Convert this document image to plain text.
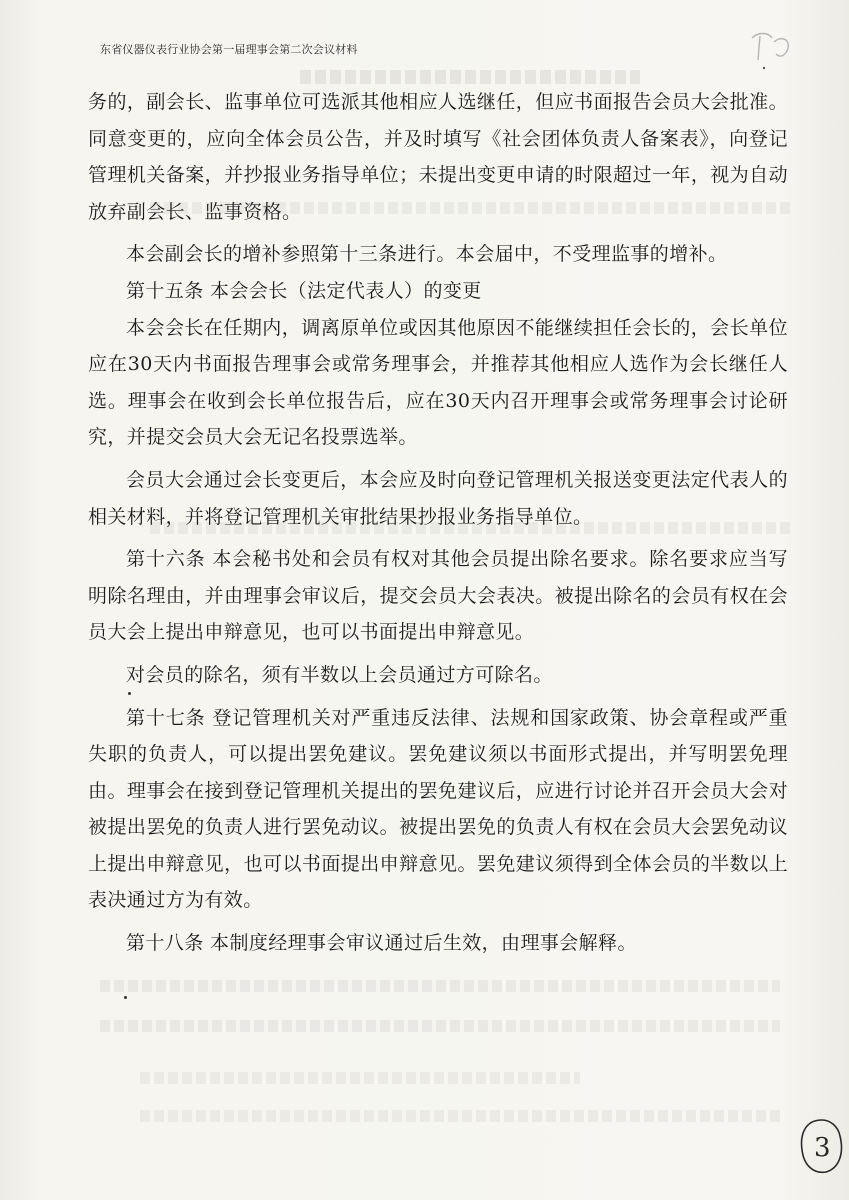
东省仪器仪表行业协会第一届理事会第二次会议材料

务的，副会长、监事单位可选派其他相应人选继任，但应书面报告会员大会批准。同意变更的，应向全体会员公告，并及时填写《社会团体负责人备案表》，向登记管理机关备案，并抄报业务指导单位；未提出变更申请的时限超过一年，视为自动放弃副会长、监事资格。

本会副会长的增补参照第十三条进行。本会届中，不受理监事的增补。

第十五条 本会会长（法定代表人）的变更

本会会长在任期内，调离原单位或因其他原因不能继续担任会长的，会长单位应在30天内书面报告理事会或常务理事会，并推荐其他相应人选作为会长继任人选。理事会在收到会长单位报告后，应在30天内召开理事会或常务理事会讨论研究，并提交会员大会无记名投票选举。

会员大会通过会长变更后，本会应及时向登记管理机关报送变更法定代表人的相关材料，并将登记管理机关审批结果抄报业务指导单位。

第十六条 本会秘书处和会员有权对其他会员提出除名要求。除名要求应当写明除名理由，并由理事会审议后，提交会员大会表决。被提出除名的会员有权在会员大会上提出申辩意见，也可以书面提出申辩意见。

对会员的除名，须有半数以上会员通过方可除名。

第十七条 登记管理机关对严重违反法律、法规和国家政策、协会章程或严重失职的负责人，可以提出罢免建议。罢免建议须以书面形式提出，并写明罢免理由。理事会在接到登记管理机关提出的罢免建议后，应进行讨论并召开会员大会对被提出罢免的负责人进行罢免动议。被提出罢免的负责人有权在会员大会罢免动议上提出申辩意见，也可以书面提出申辩意见。罢免建议须得到全体会员的半数以上表决通过方为有效。

第十八条 本制度经理事会审议通过后生效，由理事会解释。

3
